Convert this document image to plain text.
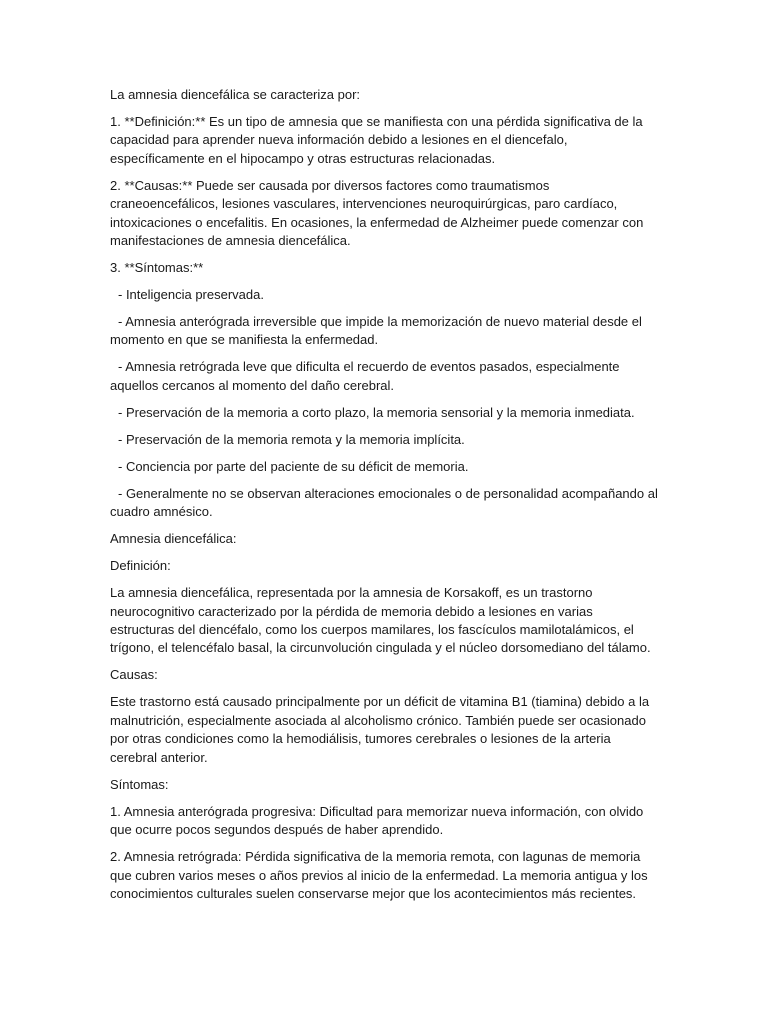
La amnesia diencefálica se caracteriza por:

1. **Definición:** Es un tipo de amnesia que se manifiesta con una pérdida significativa de la capacidad para aprender nueva información debido a lesiones en el diencefalo, específicamente en el hipocampo y otras estructuras relacionadas.

2. **Causas:** Puede ser causada por diversos factores como traumatismos craneoencefálicos, lesiones vasculares, intervenciones neuroquirúrgicas, paro cardíaco, intoxicaciones o encefalitis. En ocasiones, la enfermedad de Alzheimer puede comenzar con manifestaciones de amnesia diencefálica.

3. **Síntomas:**

- Inteligencia preservada.

- Amnesia anterógrada irreversible que impide la memorización de nuevo material desde el momento en que se manifiesta la enfermedad.

- Amnesia retrógrada leve que dificulta el recuerdo de eventos pasados, especialmente aquellos cercanos al momento del daño cerebral.

- Preservación de la memoria a corto plazo, la memoria sensorial y la memoria inmediata.

- Preservación de la memoria remota y la memoria implícita.

- Conciencia por parte del paciente de su déficit de memoria.

- Generalmente no se observan alteraciones emocionales o de personalidad acompañando al cuadro amnésico.

Amnesia diencefálica:

Definición:

La amnesia diencefálica, representada por la amnesia de Korsakoff, es un trastorno neurocognitivo caracterizado por la pérdida de memoria debido a lesiones en varias estructuras del diencéfalo, como los cuerpos mamilares, los fascículos mamilotalámicos, el trígono, el telencéfalo basal, la circunvolución cingulada y el núcleo dorsomediano del tálamo.

Causas:

Este trastorno está causado principalmente por un déficit de vitamina B1 (tiamina) debido a la malnutrición, especialmente asociada al alcoholismo crónico. También puede ser ocasionado por otras condiciones como la hemodiálisis, tumores cerebrales o lesiones de la arteria cerebral anterior.

Síntomas:

1. Amnesia anterógrada progresiva: Dificultad para memorizar nueva información, con olvido que ocurre pocos segundos después de haber aprendido.

2. Amnesia retrógrada: Pérdida significativa de la memoria remota, con lagunas de memoria que cubren varios meses o años previos al inicio de la enfermedad. La memoria antigua y los conocimientos culturales suelen conservarse mejor que los acontecimientos más recientes.
